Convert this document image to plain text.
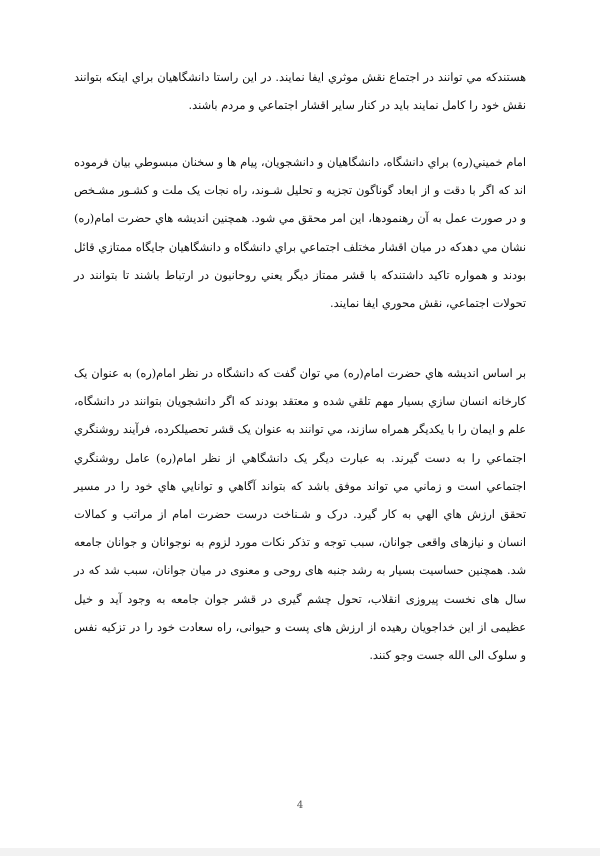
هستندكه مي توانند در اجتماع نقش موثري ايفا نمايند. در اين راستا دانشگاهيان براي اينكه بتوانند نقش خود را كامل نمايند بايد در كنار ساير اقشار اجتماعي و مردم باشند.

امام خميني(ره) براي دانشگاه، دانشگاهيان و دانشجويان، پيام ها و سخنان مبسوطي بيان فرموده اند كه اگر با دقت و از ابعاد گوناگون تجزيه و تحليل شـوند، راه نجات يک ملت و كشـور مشـخص و در صورت عمل به آن رهنمودها، اين امر محقق مي شود. همچنين انديشه هاي حضرت امام(ره) نشان مي دهدكه در ميان اقشار مختلف اجتماعي براي دانشگاه و دانشگاهيان جايگاه ممتازي قائل بودند و همواره تاكيد داشتندكه با قشر ممتاز ديگر يعني روحانيون در ارتباط باشند تا بتوانند در تحولات اجتماعي، نقش محوري ايفا نمايند.

بر اساس انديشه هاي حضرت امام(ره) مي توان گفت كه دانشگاه در نظر امام(ره) به عنوان يک كارخانه انسان سازي بسيار مهم تلقي شده و معتقد بودند كه اگر دانشجويان بتوانند در دانشگاه، علم و ايمان را با يكديگر همراه سازند، مي توانند به عنوان يک قشر تحصيلكرده، فرآيند روشنگري اجتماعي را به دست گيرند. به عبارت ديگر يک دانشگاهي از نظر امام(ره) عامل روشنگري اجتماعي است و زماني مي تواند موفق باشد كه بتواند آگاهي و توانايي هاي خود را در مسير تحقق ارزش هاي الهي به كار گيرد. درک و شـناخت درست حضرت امام از مراتب و كمالات انسان و نيازهای واقعی جوانان، سبب توجه و تذكر نكات مورد لزوم به نوجوانان و جوانان جامعه شد. همچنين حساسيت بسيار به رشد جنبه های روحی و معنوی در ميان جوانان، سبب شد كه در سال های نخست پيروزی انقلاب، تحول چشم گيری در قشر جوان جامعه به وجود آيد و خيل عظيمی از اين خداجويان رهيده از ارزش های پست و حيوانی، راه سعادت خود را در تزكيه نفس و سلوک الی الله جست وجو كنند.

4
